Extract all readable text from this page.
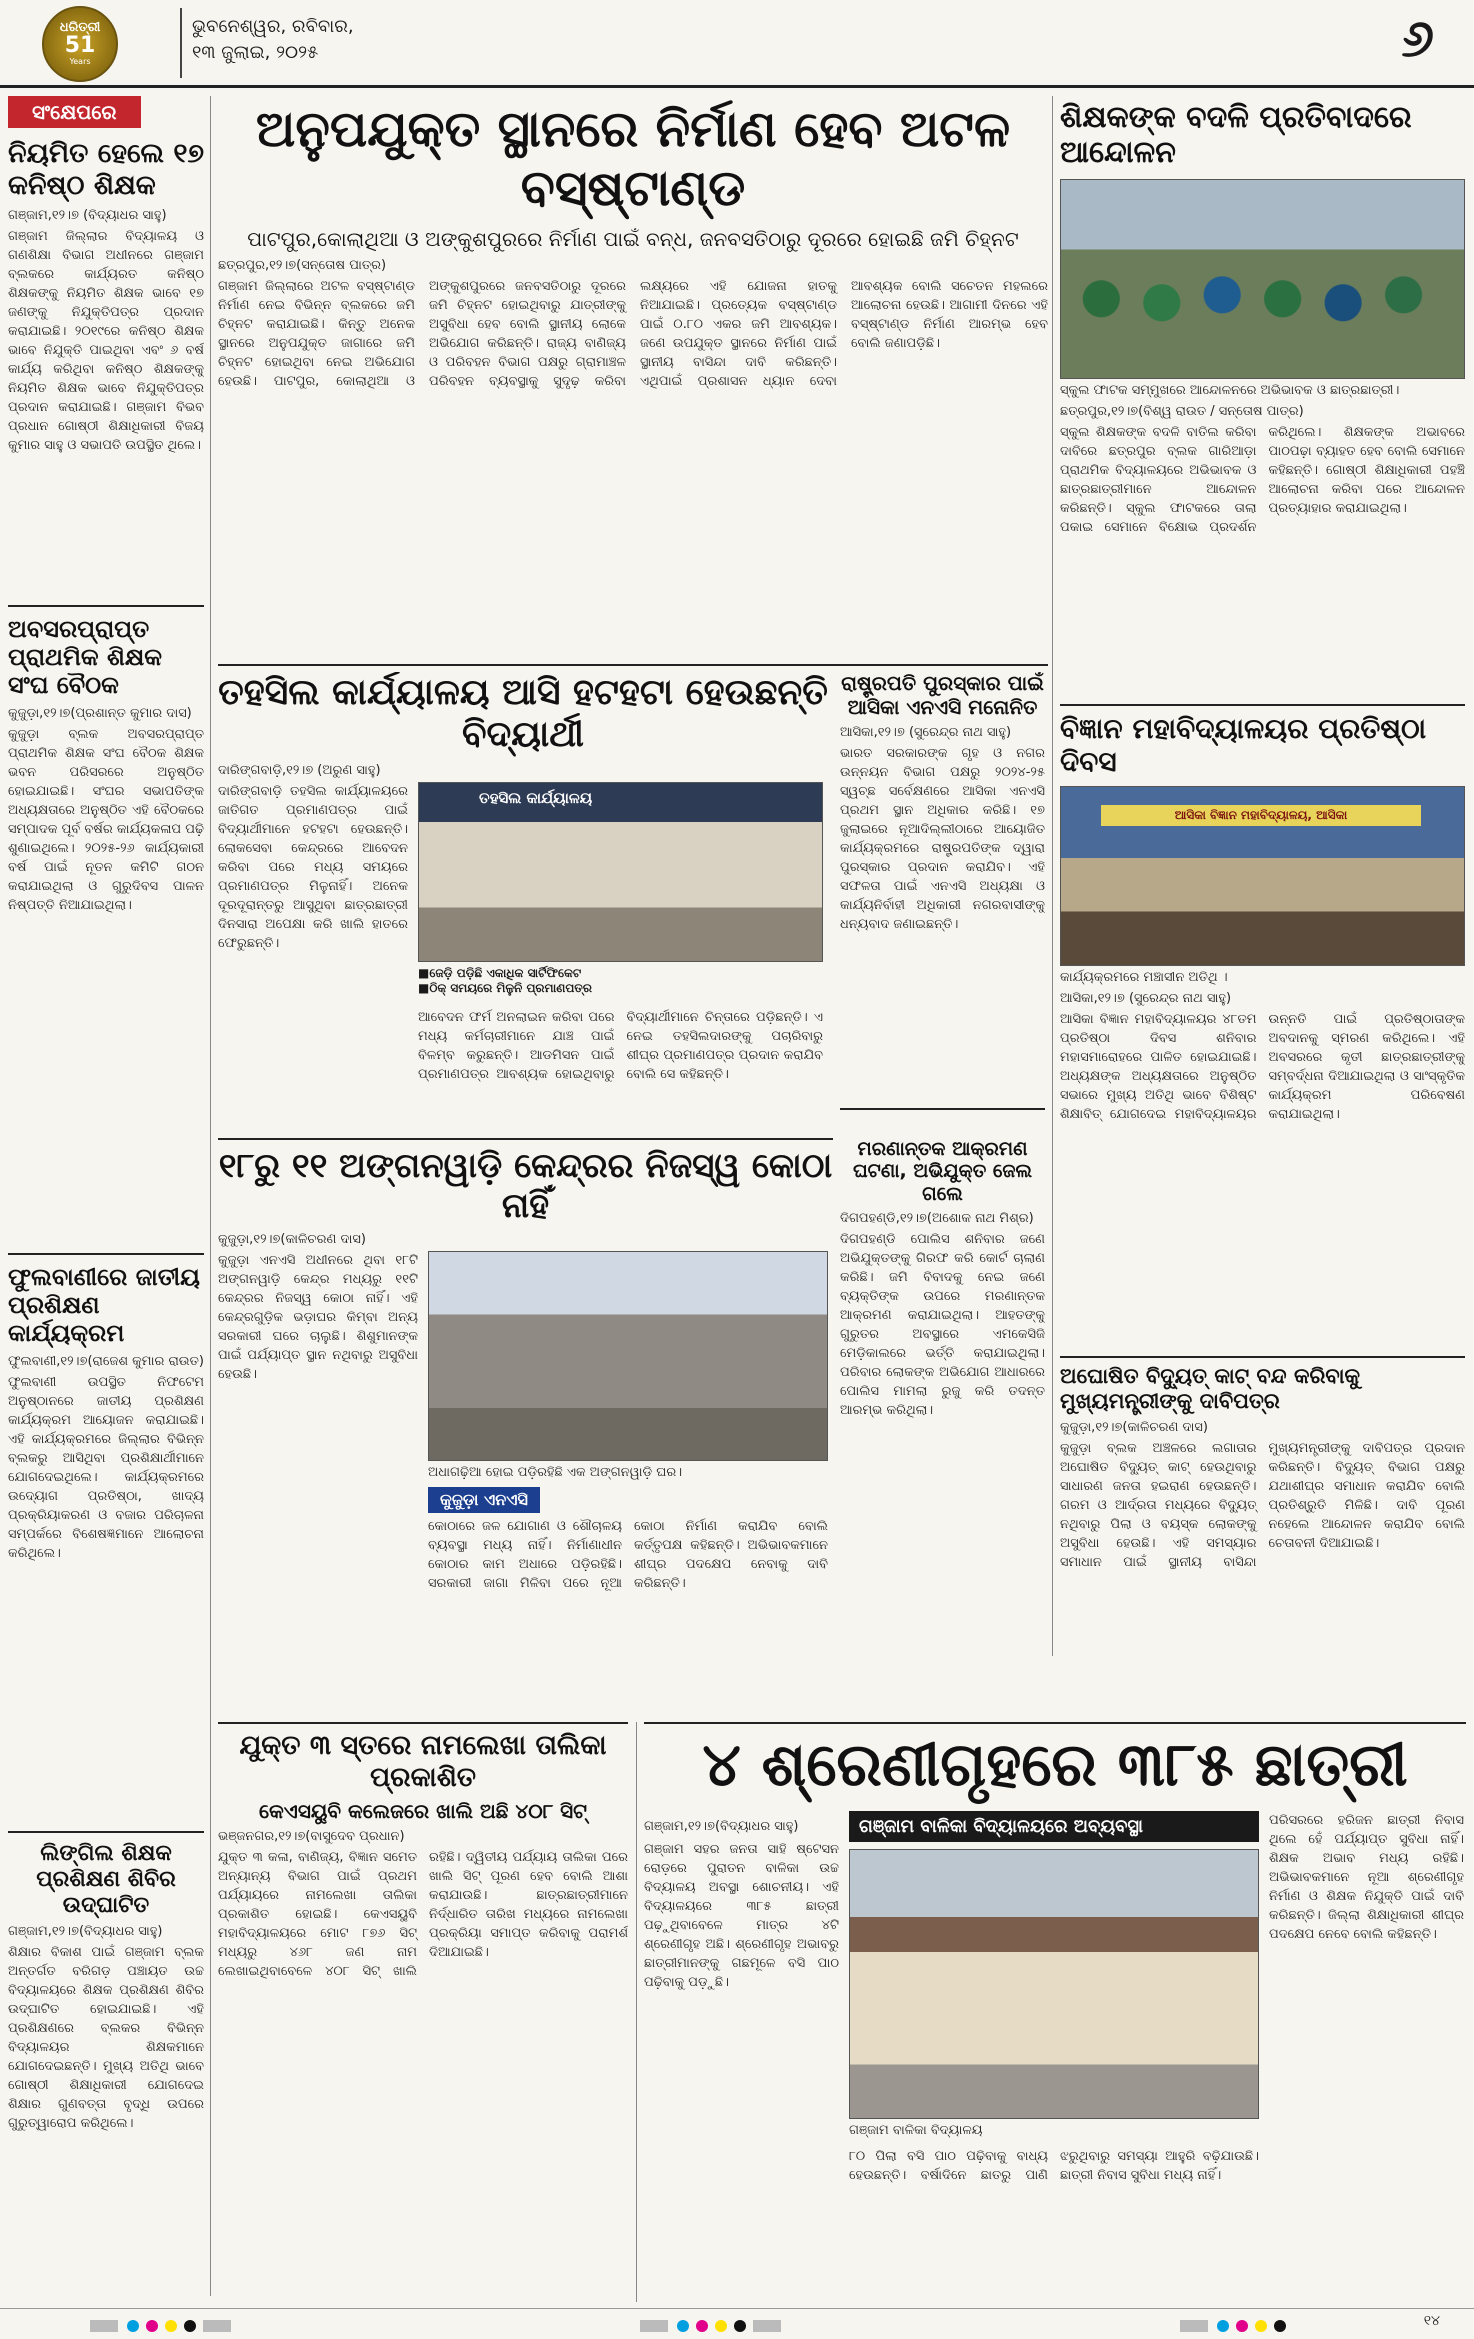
ଧରିତ୍ରୀ
51
Years
ଭୁବନେଶ୍ୱର, ରବିବାର,
୧୩ ଜୁଲାଇ, ୨୦୨୫	୬
ସଂକ୍ଷେପରେ
ନିୟମିତ ହେଲେ ୧୭ କନିଷ୍ଠ ଶିକ୍ଷକ
ଗଞ୍ଜାମ,୧୨।୭ (ବିଦ୍ୟାଧର ସାହୁ)
ଗଞ୍ଜାମ ଜିଲ୍ଲାର ବିଦ୍ୟାଳୟ ଓ ଗଣଶିକ୍ଷା ବିଭାଗ ଅଧୀନରେ ଗଞ୍ଜାମ ବ୍ଲକରେ କାର୍ଯ୍ୟରତ କନିଷ୍ଠ ଶିକ୍ଷକଙ୍କୁ ନିୟମିତ ଶିକ୍ଷକ ଭାବେ ୧୭ ଜଣଙ୍କୁ ନିଯୁକ୍ତିପତ୍ର ପ୍ରଦାନ କରାଯାଇଛି। ୨୦୧୯ରେ କନିଷ୍ଠ ଶିକ୍ଷକ ଭାବେ ନିଯୁକ୍ତି ପାଇଥିବା ଏବଂ ୬ ବର୍ଷ କାର୍ଯ୍ୟ କରିଥିବା କନିଷ୍ଠ ଶିକ୍ଷକଙ୍କୁ ନିୟମିତ ଶିକ୍ଷକ ଭାବେ ନିଯୁକ୍ତିପତ୍ର ପ୍ରଦାନ କରାଯାଇଛି। ଗଞ୍ଜାମ ବିଭବ ପ୍ରଧାନ ଗୋଷ୍ଠୀ ଶିକ୍ଷାଧିକାରୀ ବିଜୟ କୁମାର ସାହୁ ଓ ସଭାପତି ଉପସ୍ଥିତ ଥିଲେ।
ଅବସରପ୍ରାପ୍ତ ପ୍ରାଥମିକ ଶିକ୍ଷକ ସଂଘ ବୈଠକ
କୁଜୁଡ଼ା,୧୨।୭(ପ୍ରଶାନ୍ତ କୁମାର ଦାସ)
କୁଜୁଡ଼ା ବ୍ଲକ ଅବସରପ୍ରାପ୍ତ ପ୍ରାଥମିକ ଶିକ୍ଷକ ସଂଘ ବୈଠକ ଶିକ୍ଷକ ଭବନ ପରିସରରେ ଅନୁଷ୍ଠିତ ହୋଇଯାଇଛି। ସଂଘର ସଭାପତିଙ୍କ ଅଧ୍ୟକ୍ଷତାରେ ଅନୁଷ୍ଠିତ ଏହି ବୈଠକରେ ସମ୍ପାଦକ ପୂର୍ବ ବର୍ଷର କାର୍ଯ୍ୟକଳାପ ପଢ଼ି ଶୁଣାଇଥିଲେ। ୨୦୨୫-୨୬ କାର୍ଯ୍ୟକାରୀ ବର୍ଷ ପାଇଁ ନୂତନ କମିଟି ଗଠନ କରାଯାଇଥିଲା ଓ ଗୁରୁଦିବସ ପାଳନ ନିଷ୍ପତ୍ତି ନିଆଯାଇଥିଲା।
ଫୁଲବାଣୀରେ ଜାତୀୟ ପ୍ରଶିକ୍ଷଣ କାର୍ଯ୍ୟକ୍ରମ
ଫୁଲବାଣୀ,୧୨।୭(ରାଜେଶ କୁମାର ରାଉତ)
ଫୁଲବାଣୀ ଉପସ୍ଥିତ ନିଫଟେମ ଅନୁଷ୍ଠାନରେ ଜାତୀୟ ପ୍ରଶିକ୍ଷଣ କାର୍ଯ୍ୟକ୍ରମ ଆୟୋଜନ କରାଯାଇଛି। ଏହି କାର୍ଯ୍ୟକ୍ରମରେ ଜିଲ୍ଲାର ବିଭିନ୍ନ ବ୍ଲକରୁ ଆସିଥିବା ପ୍ରଶିକ୍ଷାର୍ଥୀମାନେ ଯୋଗଦେଇଥିଲେ। କାର୍ଯ୍ୟକ୍ରମରେ ଉଦ୍ୟୋଗ ପ୍ରତିଷ୍ଠା, ଖାଦ୍ୟ ପ୍ରକ୍ରିୟାକରଣ ଓ ବଜାର ପରିଚାଳନା ସମ୍ପର୍କରେ ବିଶେଷଜ୍ଞମାନେ ଆଲୋଚନା କରିଥିଲେ।
ଲିଙ୍ଗିଲ ଶିକ୍ଷକ ପ୍ରଶିକ୍ଷଣ ଶିବିର ଉଦ୍‌ଘାଟିତ
ଗଞ୍ଜାମ,୧୨।୭(ବିଦ୍ୟାଧର ସାହୁ)
ଶିକ୍ଷାର ବିକାଶ ପାଇଁ ଗଞ୍ଜାମ ବ୍ଲକ ଅନ୍ତର୍ଗତ ବରିଗଡ଼ ପଞ୍ଚାୟତ ଉଚ୍ଚ ବିଦ୍ୟାଳୟରେ ଶିକ୍ଷକ ପ୍ରଶିକ୍ଷଣ ଶିବିର ଉଦ୍‌ଘାଟିତ ହୋଇଯାଇଛି। ଏହି ପ୍ରଶିକ୍ଷଣରେ ବ୍ଲକର ବିଭିନ୍ନ ବିଦ୍ୟାଳୟର ଶିକ୍ଷକମାନେ ଯୋଗଦେଇଛନ୍ତି। ମୁଖ୍ୟ ଅତିଥି ଭାବେ ଗୋଷ୍ଠୀ ଶିକ୍ଷାଧିକାରୀ ଯୋଗଦେଇ ଶିକ୍ଷାର ଗୁଣବତ୍ତା ବୃଦ୍ଧି ଉପରେ ଗୁରୁତ୍ୱାରୋପ କରିଥିଲେ।
ଅନୁପଯୁକ୍ତ ସ୍ଥାନରେ ନିର୍ମାଣ ହେବ ଅଟଳ ବସ୍‌ଷ୍ଟାଣ୍ଡ
ପାଟପୁର,କୋଲାଥିଆ ଓ ଅଙ୍କୁଶପୁରରେ ନିର୍ମାଣ ପାଇଁ ବନ୍ଧ, ଜନବସତିଠାରୁ ଦୂରରେ ହୋଇଛି ଜମି ଚିହ୍ନଟ
ଛତ୍ରପୁର,୧୨।୭(ସନ୍ତୋଷ ପାତ୍ର)
ଗଞ୍ଜାମ ଜିଲ୍ଲାରେ ଅଟଳ ବସ୍‌ଷ୍ଟାଣ୍ଡ ନିର୍ମାଣ ନେଇ ବିଭିନ୍ନ ବ୍ଲକରେ ଜମି ଚିହ୍ନଟ କରାଯାଇଛି। କିନ୍ତୁ ଅନେକ ସ୍ଥାନରେ ଅନୁପଯୁକ୍ତ ଜାଗାରେ ଜମି ଚିହ୍ନଟ ହୋଇଥିବା ନେଇ ଅଭିଯୋଗ ହେଉଛି। ପାଟପୁର, କୋଲାଥିଆ ଓ ଅଙ୍କୁଶପୁରରେ ଜନବସତିଠାରୁ ଦୂରରେ ଜମି ଚିହ୍ନଟ ହୋଇଥିବାରୁ ଯାତ୍ରୀଙ୍କୁ ଅସୁବିଧା ହେବ ବୋଲି ସ୍ଥାନୀୟ ଲୋକେ ଅଭିଯୋଗ କରିଛନ୍ତି। ରାଜ୍ୟ ବାଣିଜ୍ୟ ଓ ପରିବହନ ବିଭାଗ ପକ୍ଷରୁ ଗ୍ରାମାଞ୍ଚଳ ପରିବହନ ବ୍ୟବସ୍ଥାକୁ ସୁଦୃଢ଼ କରିବା ଲକ୍ଷ୍ୟରେ ଏହି ଯୋଜନା ହାତକୁ ନିଆଯାଇଛି। ପ୍ରତ୍ୟେକ ବସ୍‌ଷ୍ଟାଣ୍ଡ ପାଇଁ ୦.୮୦ ଏକର ଜମି ଆବଶ୍ୟକ। ଜଣେ ଉପଯୁକ୍ତ ସ୍ଥାନରେ ନିର୍ମାଣ ପାଇଁ ସ୍ଥାନୀୟ ବାସିନ୍ଦା ଦାବି କରିଛନ୍ତି। ଏଥିପାଇଁ ପ୍ରଶାସନ ଧ୍ୟାନ ଦେବା ଆବଶ୍ୟକ ବୋଲି ସଚେତନ ମହଲରେ ଆଲୋଚନା ହେଉଛି। ଆଗାମୀ ଦିନରେ ଏହି ବସ୍‌ଷ୍ଟାଣ୍ଡ ନିର୍ମାଣ ଆରମ୍ଭ ହେବ ବୋଲି ଜଣାପଡ଼ିଛି।
ଶିକ୍ଷକଙ୍କ ବଦଳି ପ୍ରତିବାଦରେ ଆନ୍ଦୋଳନ
ସ୍କୁଲ ଫାଟକ ସମ୍ମୁଖରେ ଆନ୍ଦୋଳନରେ ଅଭିଭାବକ ଓ ଛାତ୍ରଛାତ୍ରୀ।
ଛତ୍ରପୁର,୧୨।୭(ବିଶ୍ୱ ରାଉତ / ସନ୍ତୋଷ ପାତ୍ର)
ସ୍କୁଲ ଶିକ୍ଷକଙ୍କ ବଦଳି ବାତିଲ କରିବା ଦାବିରେ ଛତ୍ରପୁର ବ୍ଲକ ଗାରିଆଡ଼ା ପ୍ରାଥମିକ ବିଦ୍ୟାଳୟରେ ଅଭିଭାବକ ଓ ଛାତ୍ରଛାତ୍ରୀମାନେ ଆନ୍ଦୋଳନ କରିଛନ୍ତି। ସ୍କୁଲ ଫାଟକରେ ତାଲା ପକାଇ ସେମାନେ ବିକ୍ଷୋଭ ପ୍ରଦର୍ଶନ କରିଥିଲେ। ଶିକ୍ଷକଙ୍କ ଅଭାବରେ ପାଠପଢ଼ା ବ୍ୟାହତ ହେବ ବୋଲି ସେମାନେ କହିଛନ୍ତି। ଗୋଷ୍ଠୀ ଶିକ୍ଷାଧିକାରୀ ପହଞ୍ଚି ଆଲୋଚନା କରିବା ପରେ ଆନ୍ଦୋଳନ ପ୍ରତ୍ୟାହାର କରାଯାଇଥିଲା।
ତହସିଲ କାର୍ଯ୍ୟାଳୟ ଆସି ହଟହଟା ହେଉଛନ୍ତି ବିଦ୍ୟାର୍ଥୀ
ଦାରିଙ୍ଗବାଡ଼ି,୧୨।୭ (ଅରୁଣ ସାହୁ)
ଦାରିଙ୍ଗବାଡ଼ି ତହସିଲ କାର୍ଯ୍ୟାଳୟରେ ଜାତିଗତ ପ୍ରମାଣପତ୍ର ପାଇଁ ବିଦ୍ୟାର୍ଥୀମାନେ ହଟହଟା ହେଉଛନ୍ତି। ଲୋକସେବା କେନ୍ଦ୍ରରେ ଆବେଦନ କରିବା ପରେ ମଧ୍ୟ ସମୟରେ ପ୍ରମାଣପତ୍ର ମିଳୁନାହିଁ। ଅନେକ ଦୂରଦୂରାନ୍ତରୁ ଆସୁଥିବା ଛାତ୍ରଛାତ୍ରୀ ଦିନସାରା ଅପେକ୍ଷା କରି ଖାଲି ହାତରେ ଫେରୁଛନ୍ତି।
ତହସିଲ କାର୍ଯ୍ୟାଳୟ
■ଜେଡ଼ି ପଡ଼ିଛି ଏକାଧିକ ସାର୍ଟିଫିକେଟ
■ଠିକ୍ ସମୟରେ ମିଳୁନି ପ୍ରମାଣପତ୍ର
ଆବେଦନ ଫର୍ମ ଅନଲାଇନ କରିବା ପରେ ମଧ୍ୟ କର୍ମଚାରୀମାନେ ଯାଞ୍ଚ ପାଇଁ ବିଳମ୍ବ କରୁଛନ୍ତି। ଆଡମିସନ ପାଇଁ ପ୍ରମାଣପତ୍ର ଆବଶ୍ୟକ ହୋଇଥିବାରୁ ବିଦ୍ୟାର୍ଥୀମାନେ ଚିନ୍ତାରେ ପଡ଼ିଛନ୍ତି। ଏ ନେଇ ତହସିଲଦାରଙ୍କୁ ପଚାରିବାରୁ ଶୀଘ୍ର ପ୍ରମାଣପତ୍ର ପ୍ରଦାନ କରାଯିବ ବୋଲି ସେ କହିଛନ୍ତି।
ରାଷ୍ଟ୍ରପତି ପୁରସ୍କାର ପାଇଁ ଆସିକା ଏନଏସି ମନୋନିତ
ଆସିକା,୧୨।୭ (ସୁରେନ୍ଦ୍ର ନାଥ ସାହୁ)
ଭାରତ ସରକାରଙ୍କ ଗୃହ ଓ ନଗର ଉନ୍ନୟନ ବିଭାଗ ପକ୍ଷରୁ ୨୦୨୪-୨୫ ସ୍ୱଚ୍ଛ ସର୍ବେକ୍ଷଣରେ ଆସିକା ଏନଏସି ପ୍ରଥମ ସ୍ଥାନ ଅଧିକାର କରିଛି। ୧୭ ଜୁଲାଇରେ ନୂଆଦିଲ୍ଲୀଠାରେ ଆୟୋଜିତ କାର୍ଯ୍ୟକ୍ରମରେ ରାଷ୍ଟ୍ରପତିଙ୍କ ଦ୍ୱାରା ପୁରସ୍କାର ପ୍ରଦାନ କରାଯିବ। ଏହି ସଫଳତା ପାଇଁ ଏନଏସି ଅଧ୍ୟକ୍ଷା ଓ କାର୍ଯ୍ୟନିର୍ବାହୀ ଅଧିକାରୀ ନଗରବାସୀଙ୍କୁ ଧନ୍ୟବାଦ ଜଣାଇଛନ୍ତି।
ମରଣାନ୍ତକ ଆକ୍ରମଣ ଘଟଣା, ଅଭିଯୁକ୍ତ ଜେଲ ଗଲେ
ଦିଗପହଣ୍ଡି,୧୨।୭(ଅଶୋକ ନାଥ ମିଶ୍ର)
ଦିଗପହଣ୍ଡି ପୋଲିସ ଶନିବାର ଜଣେ ଅଭିଯୁକ୍ତଙ୍କୁ ଗିରଫ କରି କୋର୍ଟ ଚାଲାଣ କରିଛି। ଜମି ବିବାଦକୁ ନେଇ ଜଣେ ବ୍ୟକ୍ତିଙ୍କ ଉପରେ ମରଣାନ୍ତକ ଆକ୍ରମଣ କରାଯାଇଥିଲା। ଆହତଙ୍କୁ ଗୁରୁତର ଅବସ୍ଥାରେ ଏମକେସିଜି ମେଡ଼ିକାଲରେ ଭର୍ତ୍ତି କରାଯାଇଥିଲା। ପରିବାର ଲୋକଙ୍କ ଅଭିଯୋଗ ଆଧାରରେ ପୋଲିସ ମାମଲା ରୁଜୁ କରି ତଦନ୍ତ ଆରମ୍ଭ କରିଥିଲା।
ବିଜ୍ଞାନ ମହାବିଦ୍ୟାଳୟର ପ୍ରତିଷ୍ଠା ଦିବସ
ଆସିକା ବିଜ୍ଞାନ ମହାବିଦ୍ୟାଳୟ, ଆସିକା
କାର୍ଯ୍ୟକ୍ରମରେ ମଞ୍ଚାସୀନ ଅତିଥି ।
ଆସିକା,୧୨।୭ (ସୁରେନ୍ଦ୍ର ନାଥ ସାହୁ)
ଆସିକା ବିଜ୍ଞାନ ମହାବିଦ୍ୟାଳୟର ୪୮ତମ ପ୍ରତିଷ୍ଠା ଦିବସ ଶନିବାର ମହାସମାରୋହରେ ପାଳିତ ହୋଇଯାଇଛି। ଅଧ୍ୟକ୍ଷଙ୍କ ଅଧ୍ୟକ୍ଷତାରେ ଅନୁଷ୍ଠିତ ସଭାରେ ମୁଖ୍ୟ ଅତିଥି ଭାବେ ବିଶିଷ୍ଟ ଶିକ୍ଷାବିତ୍ ଯୋଗଦେଇ ମହାବିଦ୍ୟାଳୟର ଉନ୍ନତି ପାଇଁ ପ୍ରତିଷ୍ଠାତାଙ୍କ ଅବଦାନକୁ ସ୍ମରଣ କରିଥିଲେ। ଏହି ଅବସରରେ କୃତୀ ଛାତ୍ରଛାତ୍ରୀଙ୍କୁ ସମ୍ବର୍ଦ୍ଧନା ଦିଆଯାଇଥିଲା ଓ ସାଂସ୍କୃତିକ କାର୍ଯ୍ୟକ୍ରମ ପରିବେଷଣ କରାଯାଇଥିଲା।
୧୮ରୁ ୧୧ ଅଙ୍ଗନୱାଡ଼ି କେନ୍ଦ୍ରର ନିଜସ୍ୱ କୋଠା ନାହିଁ
କୁଜୁଡ଼ା,୧୨।୭(କାଳିଚରଣ ଦାସ)
କୁଜୁଡ଼ା ଏନଏସି ଅଧୀନରେ ଥିବା ୧୮ଟି ଅଙ୍ଗନୱାଡ଼ି କେନ୍ଦ୍ର ମଧ୍ୟରୁ ୧୧ଟି କେନ୍ଦ୍ରର ନିଜସ୍ୱ କୋଠା ନାହିଁ। ଏହି କେନ୍ଦ୍ରଗୁଡ଼ିକ ଭଡ଼ାଘର କିମ୍ବା ଅନ୍ୟ ସରକାରୀ ଘରେ ଚାଲୁଛି। ଶିଶୁମାନଙ୍କ ପାଇଁ ପର୍ଯ୍ୟାପ୍ତ ସ୍ଥାନ ନଥିବାରୁ ଅସୁବିଧା ହେଉଛି।
ଅଧାଗଢ଼ିଆ ହୋଇ ପଡ଼ିରହିଛି ଏକ ଅଙ୍ଗନୱାଡ଼ି ଘର।
କୁଜୁଡ଼ା ଏନଏସି
କୋଠାରେ ଜଳ ଯୋଗାଣ ଓ ଶୌଚାଳୟ ବ୍ୟବସ୍ଥା ମଧ୍ୟ ନାହିଁ। ନିର୍ମାଣାଧୀନ କୋଠାର କାମ ଅଧାରେ ପଡ଼ିରହିଛି। ସରକାରୀ ଜାଗା ମିଳିବା ପରେ ନୂଆ କୋଠା ନିର୍ମାଣ କରାଯିବ ବୋଲି କର୍ତ୍ତୃପକ୍ଷ କହିଛନ୍ତି। ଅଭିଭାବକମାନେ ଶୀଘ୍ର ପଦକ୍ଷେପ ନେବାକୁ ଦାବି କରିଛନ୍ତି।
ଅଘୋଷିତ ବିଦ୍ୟୁତ୍ କାଟ୍ ବନ୍ଦ କରିବାକୁ ମୁଖ୍ୟମନ୍ତ୍ରୀଙ୍କୁ ଦାବିପତ୍ର
କୁଜୁଡ଼ା,୧୨।୭(କାଳିଚରଣ ଦାସ)
କୁଜୁଡ଼ା ବ୍ଲକ ଅଞ୍ଚଳରେ ଲଗାତାର ଅଘୋଷିତ ବିଦ୍ୟୁତ୍ କାଟ୍ ହେଉଥିବାରୁ ସାଧାରଣ ଜନତା ହଇରାଣ ହେଉଛନ୍ତି। ଗରମ ଓ ଆର୍ଦ୍ରତା ମଧ୍ୟରେ ବିଦ୍ୟୁତ୍ ନଥିବାରୁ ପିଲା ଓ ବୟସ୍କ ଲୋକଙ୍କୁ ଅସୁବିଧା ହେଉଛି। ଏହି ସମସ୍ୟାର ସମାଧାନ ପାଇଁ ସ୍ଥାନୀୟ ବାସିନ୍ଦା ମୁଖ୍ୟମନ୍ତ୍ରୀଙ୍କୁ ଦାବିପତ୍ର ପ୍ରଦାନ କରିଛନ୍ତି। ବିଦ୍ୟୁତ୍ ବିଭାଗ ପକ୍ଷରୁ ଯଥାଶୀଘ୍ର ସମାଧାନ କରାଯିବ ବୋଲି ପ୍ରତିଶ୍ରୁତି ମିଳିଛି। ଦାବି ପୂରଣ ନହେଲେ ଆନ୍ଦୋଳନ କରାଯିବ ବୋଲି ଚେତାବନୀ ଦିଆଯାଇଛି।
ଯୁକ୍ତ ୩ ସ୍ତରେ ନାମଲେଖା ତାଲିକା ପ୍ରକାଶିତ
କେଏସୟୁବି କଲେଜରେ ଖାଲି ଅଛି ୪୦୮ ସିଟ୍
ଭଞ୍ଜନଗର,୧୨।୭(ବାସୁଦେବ ପ୍ରଧାନ)
ଯୁକ୍ତ ୩ କଳା, ବାଣିଜ୍ୟ, ବିଜ୍ଞାନ ସମେତ ଅନ୍ୟାନ୍ୟ ବିଭାଗ ପାଇଁ ପ୍ରଥମ ପର୍ଯ୍ୟାୟରେ ନାମଲେଖା ତାଲିକା ପ୍ରକାଶିତ ହୋଇଛି। କେଏସୟୁବି ମହାବିଦ୍ୟାଳୟରେ ମୋଟ ୮୭୬ ସିଟ୍ ମଧ୍ୟରୁ ୪୬୮ ଜଣ ନାମ ଲେଖାଇଥିବାବେଳେ ୪୦୮ ସିଟ୍ ଖାଲି ରହିଛି। ଦ୍ୱିତୀୟ ପର୍ଯ୍ୟାୟ ତାଲିକା ପରେ ଖାଲି ସିଟ୍ ପୂରଣ ହେବ ବୋଲି ଆଶା କରାଯାଉଛି। ଛାତ୍ରଛାତ୍ରୀମାନେ ନିର୍ଦ୍ଧାରିତ ତାରିଖ ମଧ୍ୟରେ ନାମଲେଖା ପ୍ରକ୍ରିୟା ସମାପ୍ତ କରିବାକୁ ପରାମର୍ଶ ଦିଆଯାଇଛି।
୪ ଶ୍ରେଣୀଗୃହରେ ୩୮୫ ଛାତ୍ରୀ
ଗଞ୍ଜାମ,୧୨।୭(ବିଦ୍ୟାଧର ସାହୁ)
ଗଞ୍ଜାମ ସହର ଜନତା ସାହି ଷ୍ଟେସନ ରୋଡ଼ରେ ପୁରାତନ ବାଳିକା ଉଚ୍ଚ ବିଦ୍ୟାଳୟ ଅବସ୍ଥା ଶୋଚନୀୟ। ଏହି ବିଦ୍ୟାଳୟରେ ୩୮୫ ଛାତ୍ରୀ ପଢ଼ୁଥିବାବେଳେ ମାତ୍ର ୪ଟି ଶ୍ରେଣୀଗୃହ ଅଛି। ଶ୍ରେଣୀଗୃହ ଅଭାବରୁ ଛାତ୍ରୀମାନଙ୍କୁ ଗଛମୂଳେ ବସି ପାଠ ପଢ଼ିବାକୁ ପଡ଼ୁଛି।
ଗଞ୍ଜାମ ବାଳିକା ବିଦ୍ୟାଳୟରେ ଅବ୍ୟବସ୍ଥା
ଗଞ୍ଜାମ ବାଳିକା ବିଦ୍ୟାଳୟ
୮୦ ପିଲା ବସି ପାଠ ପଢ଼ିବାକୁ ବାଧ୍ୟ ହେଉଛନ୍ତି। ବର୍ଷାଦିନେ ଛାତରୁ ପାଣି ଝରୁଥିବାରୁ ସମସ୍ୟା ଆହୁରି ବଢ଼ିଯାଉଛି। ଛାତ୍ରୀ ନିବାସ ସୁବିଧା ମଧ୍ୟ ନାହିଁ।
ପରିସରରେ ହରିଜନ ଛାତ୍ରୀ ନିବାସ ଥିଲେ ହେଁ ପର୍ଯ୍ୟାପ୍ତ ସୁବିଧା ନାହିଁ। ଶିକ୍ଷକ ଅଭାବ ମଧ୍ୟ ରହିଛି। ଅଭିଭାବକମାନେ ନୂଆ ଶ୍ରେଣୀଗୃହ ନିର୍ମାଣ ଓ ଶିକ୍ଷକ ନିଯୁକ୍ତି ପାଇଁ ଦାବି କରିଛନ୍ତି। ଜିଲ୍ଲା ଶିକ୍ଷାଧିକାରୀ ଶୀଘ୍ର ପଦକ୍ଷେପ ନେବେ ବୋଲି କହିଛନ୍ତି।

୧୪
